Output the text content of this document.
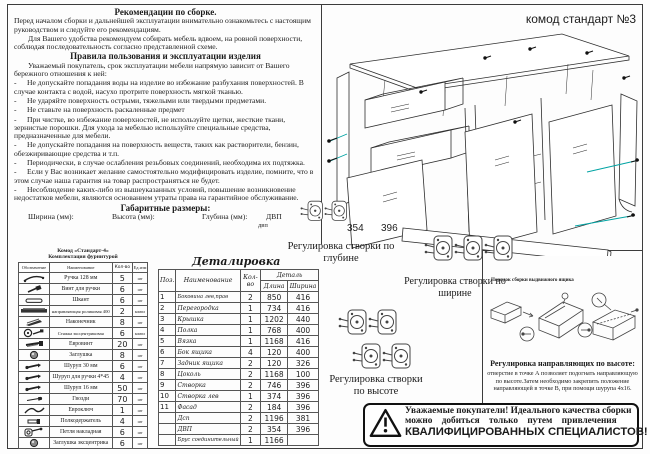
Рекомендации по сборке.

Перед началом сборки и дальнейшей эксплуатации внимательно ознакомьтесь с настоящим руководством и следуйте его рекомендациям.

Для Вашего удобства рекомендуем собирать мебель вдвоем, на ровной поверхности, соблюдая последовательность согласно представленной схеме.

Правила пользования и эксплуатации изделия

Уважаемый покупатель, срок эксплуатации мебели напрямую зависит от Вашего бережного отношения к ней:

- Не допускайте попадания воды на изделие во избежание разбухания поверхностей. В случае контакта с водой, насухо протрите поверхность мягкой тканью.

- Не ударяйте поверхность острыми, тяжелыми или твердыми предметами.

- Не ставьте на поверхность раскаленные предмет

- При чистке, во избежание поверхностей, не используйте щетки, жесткие ткани, зернистые порошки. Для ухода за мебелью используйте специальные средства, предназначенные для мебели.

- Не допускайте попадания на поверхность веществ, таких как растворители, бензин, обезжиривающие средства и т.п.

- Периодически, в случае ослабления резьбовых соединений, необходима их подтяжка.

- Если у Вас возникает желание самостоятельно модифицировать изделие, помните, что в этом случае наша гарантия на товар распространяться не будет.

- Несоблюдение каких-либо из вышеуказанных условий, повышение возникновение недостатков мебели, являются основанием утраты права на гарантийное обслуживание.

Габаритные размеры:
Ширина (мм):	Высота (мм):	Глубина (мм): ДВП
Комод «Стандарт-4»
Комплектация фурнитурой
Обозначение	Наименование	Кол-во	Ед.изм

	Ручка 128 мм	5	шт

	Винт для ручки	6	шт

	Шкант	6	шт

	направляющая роликовая 400	2	компл

	Наконечник	8	шт

	Стяжка эксцентриковая	6	компл

	Евровинт	20	шт

	Заглушка	8	шт

	Шуруп 30 мм	6	шт

	Шуруп для ручки 4*45	4	шт

	Шуруп 16 мм	50	шт

	Гвозди	70	шт

	Евроключ	1	шт

	Полкодержатель	4	шт

	Петля накладная	6	шт

	Заглушка эксцентрика	6	шт
Деталировка
Поз.	Наименование	Кол-во	Деталь	
			Длина	Ширина
1	Боковина лев,прав	2	850	416
2	Перегородка	1	734	416
3	Крышка	1	1202	440
4	Полка	1	768	400
5	Вязка	1	1168	416
6	Бок ящика	4	120	400
7	Задник ящика	2	120	326
8	Цоколь	2	1168	100
9	Створка	2	746	396
10	Створка лев	1	374	396
11	Фасад	2	184	396
	Дсп	2	1196	381
	ДВП	2	354	396
	Брус соединительный	1	1166	
комод стандарт №3
двп	354 396
Регулировка створки по глубине
Регулировка створки по ширине
Регулировка створки по высоте
Порядок сборки выдвижного ящика
Регулировка направляющих по высоте:
отверстие в точке А позволяет подогнать направляющую по высоте.Затем необходимо закрепить положение направляющей в точке В, при помощи шурупа 4х16.
Уважаемые покупатели! Идеального качества сборки
можно добиться только путем привлечения
КВАЛИФИЦИРОВАННЫХ СПЕЦИАЛИСТОВ!
